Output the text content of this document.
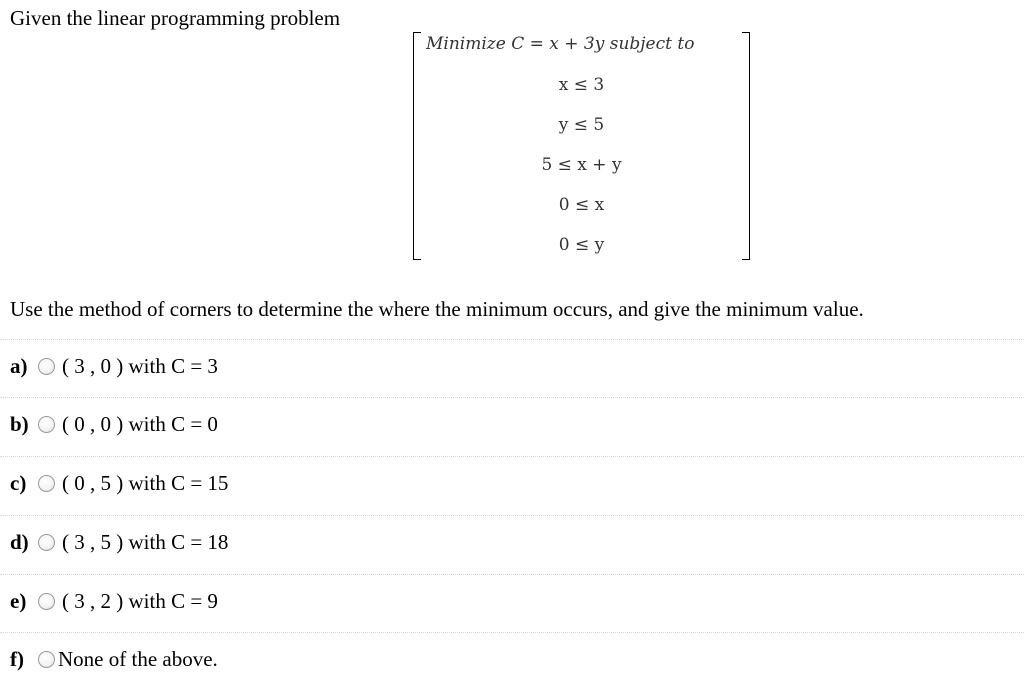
Given the linear programming problem
Minimize C = x + 3y subject to
x ≤ 3
y ≤ 5
5 ≤ x + y
0 ≤ x
0 ≤ y
Use the method of corners to determine the where the minimum occurs, and give the minimum value.
a) ( 3 , 0 ) with C = 3
b) ( 0 , 0 ) with C = 0
c) ( 0 , 5 ) with C = 15
d) ( 3 , 5 ) with C = 18
e) ( 3 , 2 ) with C = 9
f) None of the above.
